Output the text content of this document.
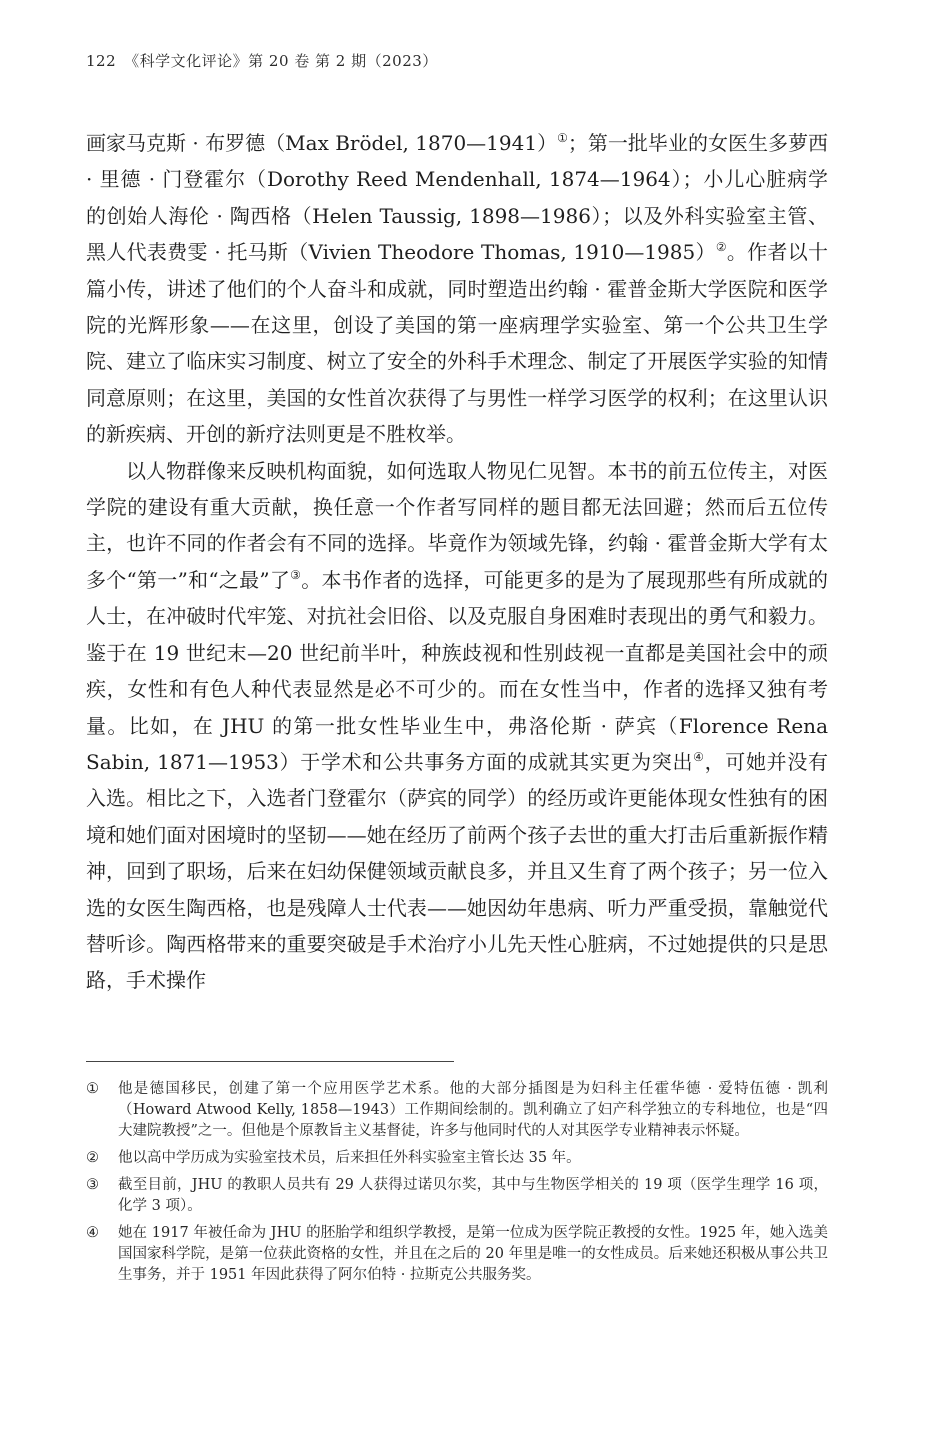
122 《科学文化评论》第 20 卷 第 2 期（2023）

画家马克斯 · 布罗德（Max Brödel, 1870—1941）①；第一批毕业的女医生多萝西 · 里德 · 门登霍尔（Dorothy Reed Mendenhall, 1874—1964）；小儿心脏病学的创始人海伦 · 陶西格（Helen Taussig, 1898—1986）；以及外科实验室主管、黑人代表费雯 · 托马斯（Vivien Theodore Thomas, 1910—1985）②。作者以十篇小传，讲述了他们的个人奋斗和成就，同时塑造出约翰 · 霍普金斯大学医院和医学院的光辉形象——在这里，创设了美国的第一座病理学实验室、第一个公共卫生学院、建立了临床实习制度、树立了安全的外科手术理念、制定了开展医学实验的知情同意原则；在这里，美国的女性首次获得了与男性一样学习医学的权利；在这里认识的新疾病、开创的新疗法则更是不胜枚举。

以人物群像来反映机构面貌，如何选取人物见仁见智。本书的前五位传主，对医学院的建设有重大贡献，换任意一个作者写同样的题目都无法回避；然而后五位传主，也许不同的作者会有不同的选择。毕竟作为领域先锋，约翰 · 霍普金斯大学有太多个“第一”和“之最”了③。本书作者的选择，可能更多的是为了展现那些有所成就的人士，在冲破时代牢笼、对抗社会旧俗、以及克服自身困难时表现出的勇气和毅力。鉴于在 19 世纪末—20 世纪前半叶，种族歧视和性别歧视一直都是美国社会中的顽疾，女性和有色人种代表显然是必不可少的。而在女性当中，作者的选择又独有考量。比如，在 JHU 的第一批女性毕业生中，弗洛伦斯 · 萨宾（Florence Rena Sabin, 1871—1953）于学术和公共事务方面的成就其实更为突出④，可她并没有入选。相比之下，入选者门登霍尔（萨宾的同学）的经历或许更能体现女性独有的困境和她们面对困境时的坚韧——她在经历了前两个孩子去世的重大打击后重新振作精神，回到了职场，后来在妇幼保健领域贡献良多，并且又生育了两个孩子；另一位入选的女医生陶西格，也是残障人士代表——她因幼年患病、听力严重受损，靠触觉代替听诊。陶西格带来的重要突破是手术治疗小儿先天性心脏病，不过她提供的只是思路，手术操作

①	他是德国移民，创建了第一个应用医学艺术系。他的大部分插图是为妇科主任霍华德 · 爱特伍德 · 凯利（Howard Atwood Kelly, 1858—1943）工作期间绘制的。凯利确立了妇产科学独立的专科地位，也是“四大建院教授”之一。但他是个原教旨主义基督徒，许多与他同时代的人对其医学专业精神表示怀疑。
②	他以高中学历成为实验室技术员，后来担任外科实验室主管长达 35 年。
③	截至目前，JHU 的教职人员共有 29 人获得过诺贝尔奖，其中与生物医学相关的 19 项（医学生理学 16 项，化学 3 项）。
④	她在 1917 年被任命为 JHU 的胚胎学和组织学教授，是第一位成为医学院正教授的女性。1925 年，她入选美国国家科学院，是第一位获此资格的女性，并且在之后的 20 年里是唯一的女性成员。后来她还积极从事公共卫生事务，并于 1951 年因此获得了阿尔伯特 · 拉斯克公共服务奖。
